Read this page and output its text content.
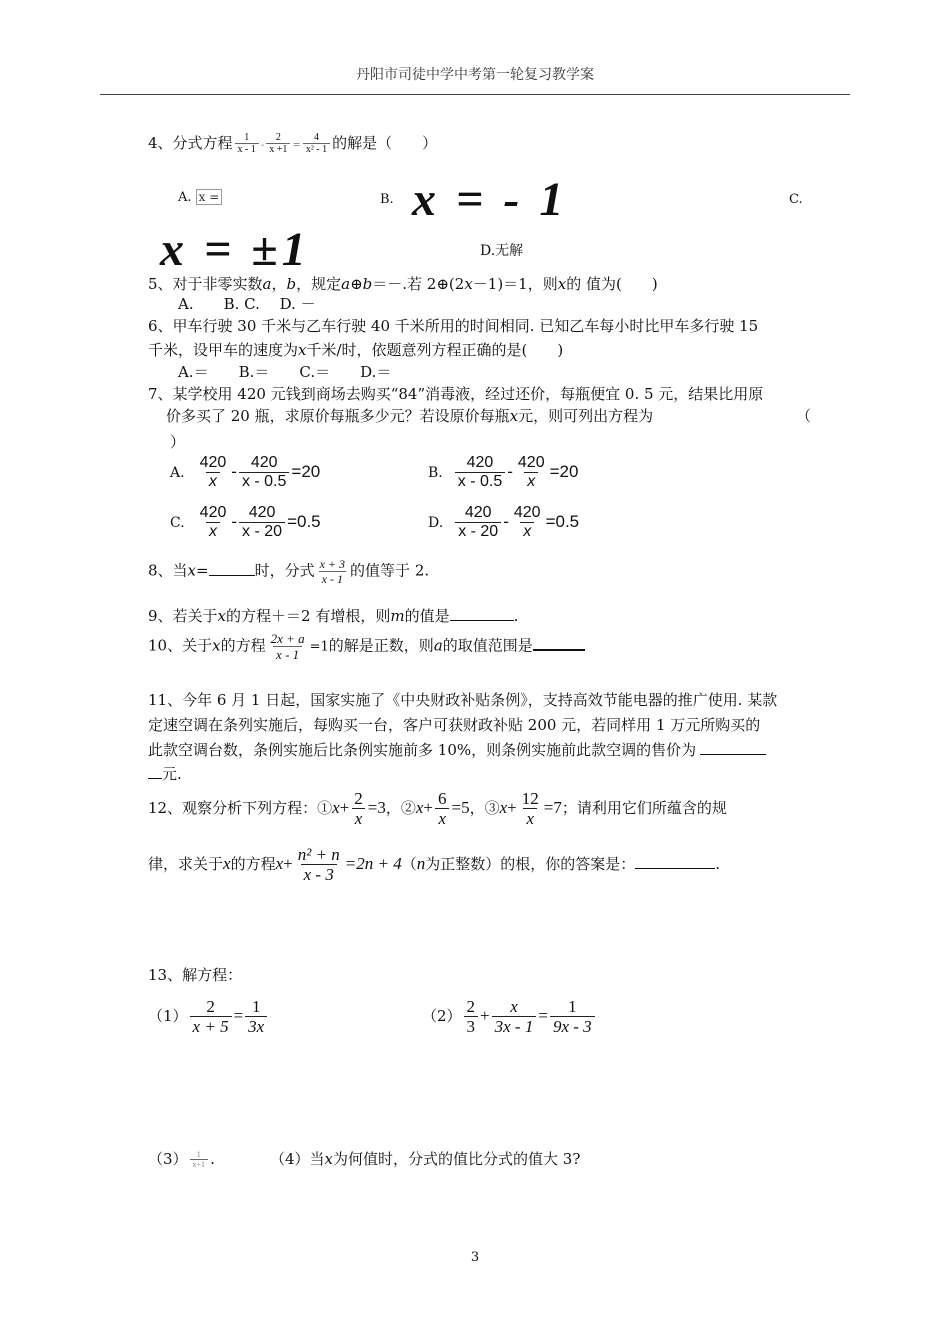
丹阳市司徒中学中考第一轮复习教学案
4、分式方程 $\frac{1}{x - 1} - \frac{2}{x +1} = \frac{4}{\text{x² - 1}}$ 的解是（　　）
A. x =	B. x = - 1	C.
x = ±1	D.无解
5、对于非零实数a，b，规定a⊕b＝－.若 2⊕(2x－1)＝1，则x的 值为(　　)
A.　　B. C.　 D. －
6、甲车行驶 30 千米与乙车行驶 40 千米所用的时间相同. 已知乙车每小时比甲车多行驶 15
千米，设甲车的速度为x千米/时，依题意列方程正确的是(　　)
A.＝　　B.＝　　C.＝　　D.＝
7、某学校用 420 元钱到商场去购买“84”消毒液，经过还价，每瓶便宜 0. 5 元，结果比用原
价多买了 20 瓶，求原价每瓶多少元？若设原价每瓶x元，则可列出方程为	（
）
A. $\frac{420}{x} - \frac{420}{x - 0.5} =20$	B. $\frac{420}{x - 0.5} - \frac{420}{x} =20$
C. $\frac{420}{x} - \frac{420}{x - 20} =0.5$	D. $\frac{420}{x - 20} - \frac{420}{x} =0.5$
8、当x=	时，分式 $\frac{x + 3}{x - 1}$ 的值等于 2.
9、若关于x的方程＋＝2 有增根，则m的值是	.
10、关于x的方程 $\frac{2x + a}{x - 1} =1$的解是正数，则a的取值范围是
11、今年 6 月 1 日起，国家实施了《中央财政补贴条例》，支持高效节能电器的推广使用. 某款
定速空调在条列实施后，每购买一台，客户可获财政补贴 200 元，若同样用 1 万元所购买的
此款空调台数，条例实施后比条例实施前多 10%，则条例实施前此款空调的售价为
元.
12、观察分析下列方程：①x+ $\frac{2}{x} =3$，②x+ $\frac{6}{x} =5$，③x+ $\frac{12}{x} =7$；请利用它们所蕴含的规
律，求关于x的方程$x+ \frac{\text{n² + n}}{x - 3} =2n + 4(n$为正整数）的根，你的答案是：	.
13、解方程：
$(1) \frac{2}{x + 5} = \frac{1}{3x}$	$(2) \frac{2}{3} + \frac{x}{3x - 1} = \frac{1}{9x - 3}$
$(3) \frac{1}{x+1}$ .	（4）当x为何值时，分式的值比分式的值大 3?
3
